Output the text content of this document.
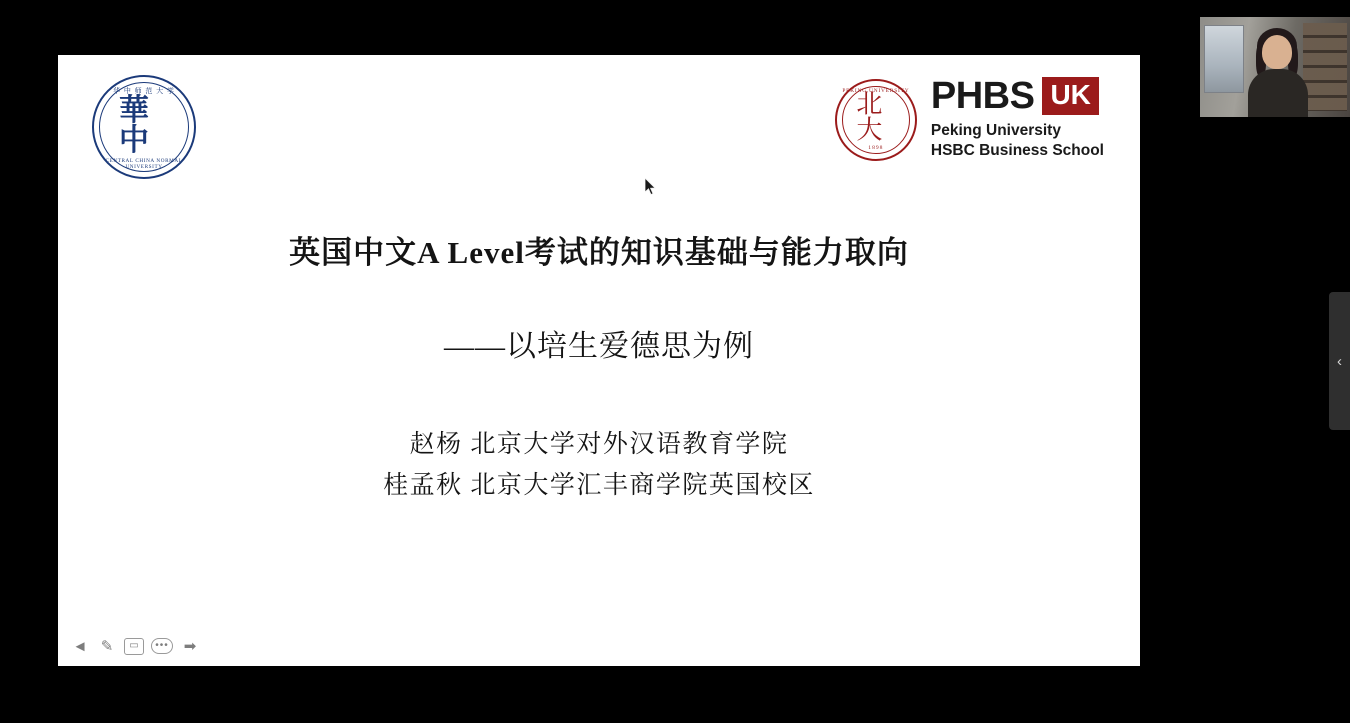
华 中 师 范 大 学
華中
CENTRAL CHINA NORMAL UNIVERSITY
PEKING UNIVERSITY
北大
1898
PHBS UK
Peking University
HSBC Business School
英国中文A Level考试的知识基础与能力取向
——以培生爱德思为例
赵杨 北京大学对外汉语教育学院
桂孟秋 北京大学汇丰商学院英国校区
◄ ✎	▭	••• ➡
‹
